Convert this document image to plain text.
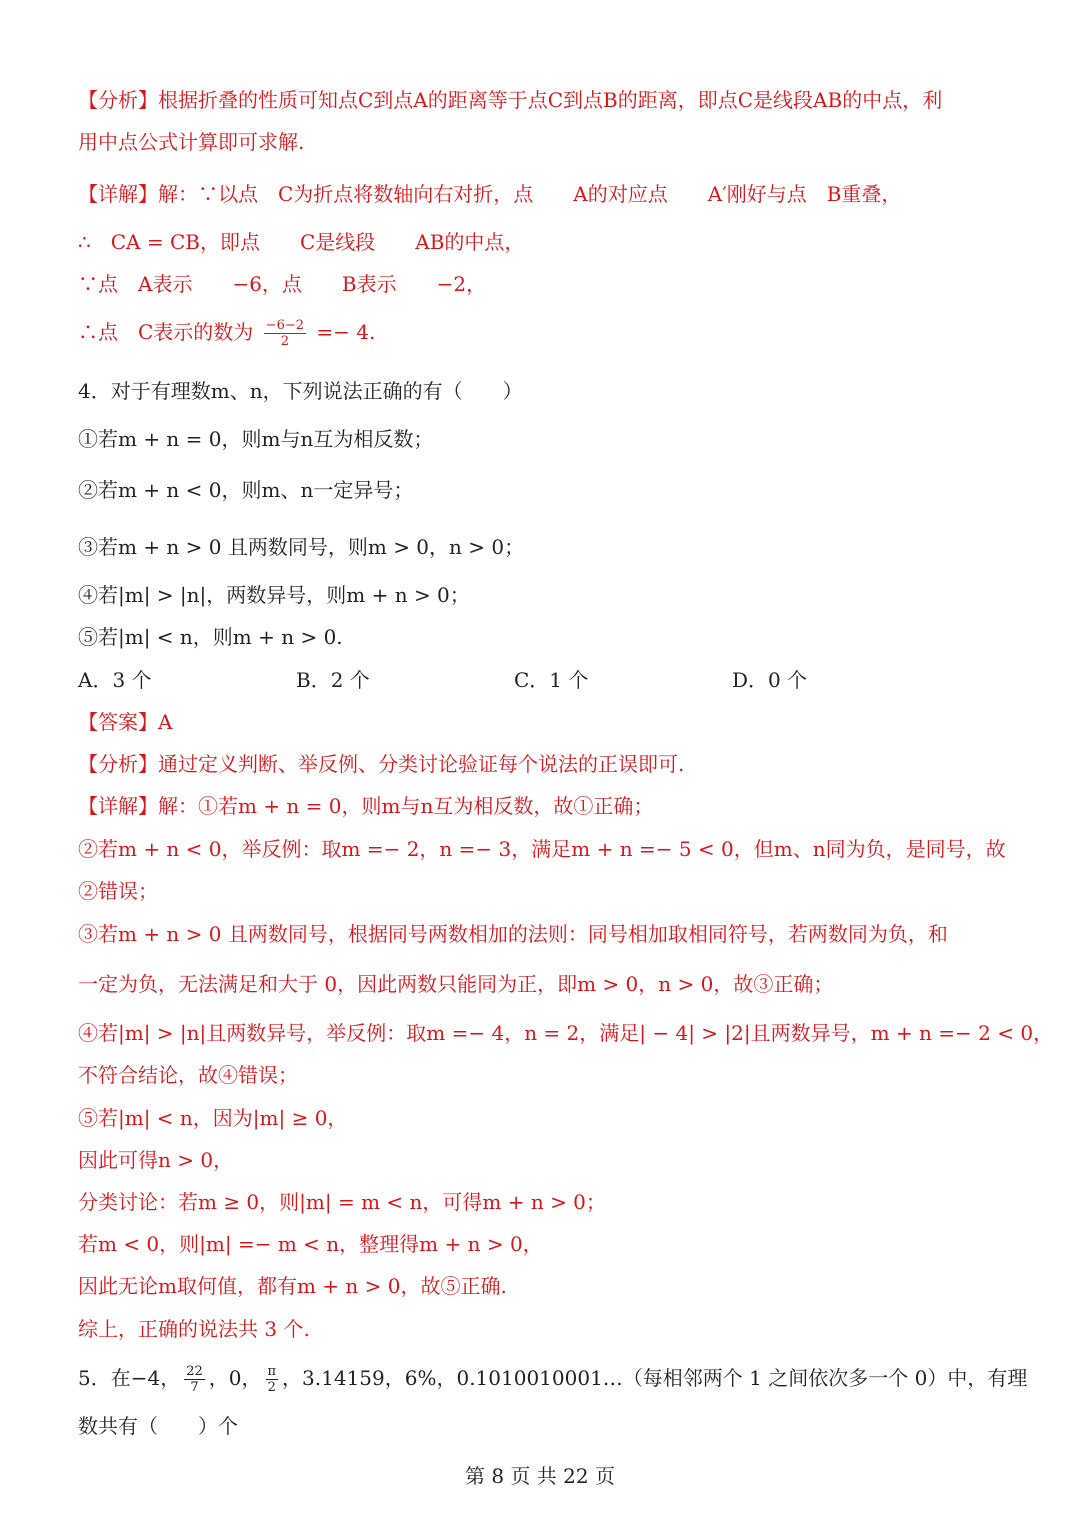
【分析】根据折叠的性质可知点C到点A的距离等于点C到点B的距离，即点C是线段AB的中点，利
用中点公式计算即可求解.
【详解】解：∵以点　C为折点将数轴向右对折，点　　A的对应点　　A′刚好与点　B重叠，
∴　CA = CB，即点　　C是线段　　AB的中点，
∵点　A表示　　−6，点　　B表示　　−2，
∴点　C表示的数为 $\frac{-6-2}{2} =- 4$.
4．对于有理数m、n，下列说法正确的有（　　）
①若m + n = 0，则m与n互为相反数；
②若m + n < 0，则m、n一定异号；
③若m + n > 0 且两数同号，则m > 0，n > 0；
④若|m| > |n|，两数异号，则m + n > 0；
⑤若|m| < n，则m + n > 0.
A．3 个	B．2 个	C．1 个	D．0 个
【答案】A
【分析】通过定义判断、举反例、分类讨论验证每个说法的正误即可.
【详解】解：①若m + n = 0，则m与n互为相反数，故①正确；
②若m + n < 0，举反例：取m =− 2，n =− 3，满足m + n =− 5 < 0，但m、n同为负，是同号，故
②错误；
③若m + n > 0 且两数同号，根据同号两数相加的法则：同号相加取相同符号，若两数同为负，和
一定为负，无法满足和大于 0，因此两数只能同为正，即m > 0，n > 0，故③正确；
④若|m| > |n|且两数异号，举反例：取m =− 4，n = 2，满足| − 4| > |2|且两数异号，m + n =− 2 < 0，
不符合结论，故④错误；
⑤若|m| < n，因为|m| ≥ 0，
因此可得n > 0，
分类讨论：若m ≥ 0，则|m| = m < n，可得m + n > 0；
若m < 0，则|m| =− m < n，整理得m + n > 0，
因此无论m取何值，都有m + n > 0，故⑤正确.
综上，正确的说法共 3 个.
5．在−4， $\frac{22}{7}$ ，0， $\frac{\pi}{2}$ ，3.14159，6%，0.1010010001…（每相邻两个 1 之间依次多一个 0）中，有理
数共有（　　）个
第 8 页 共 22 页
